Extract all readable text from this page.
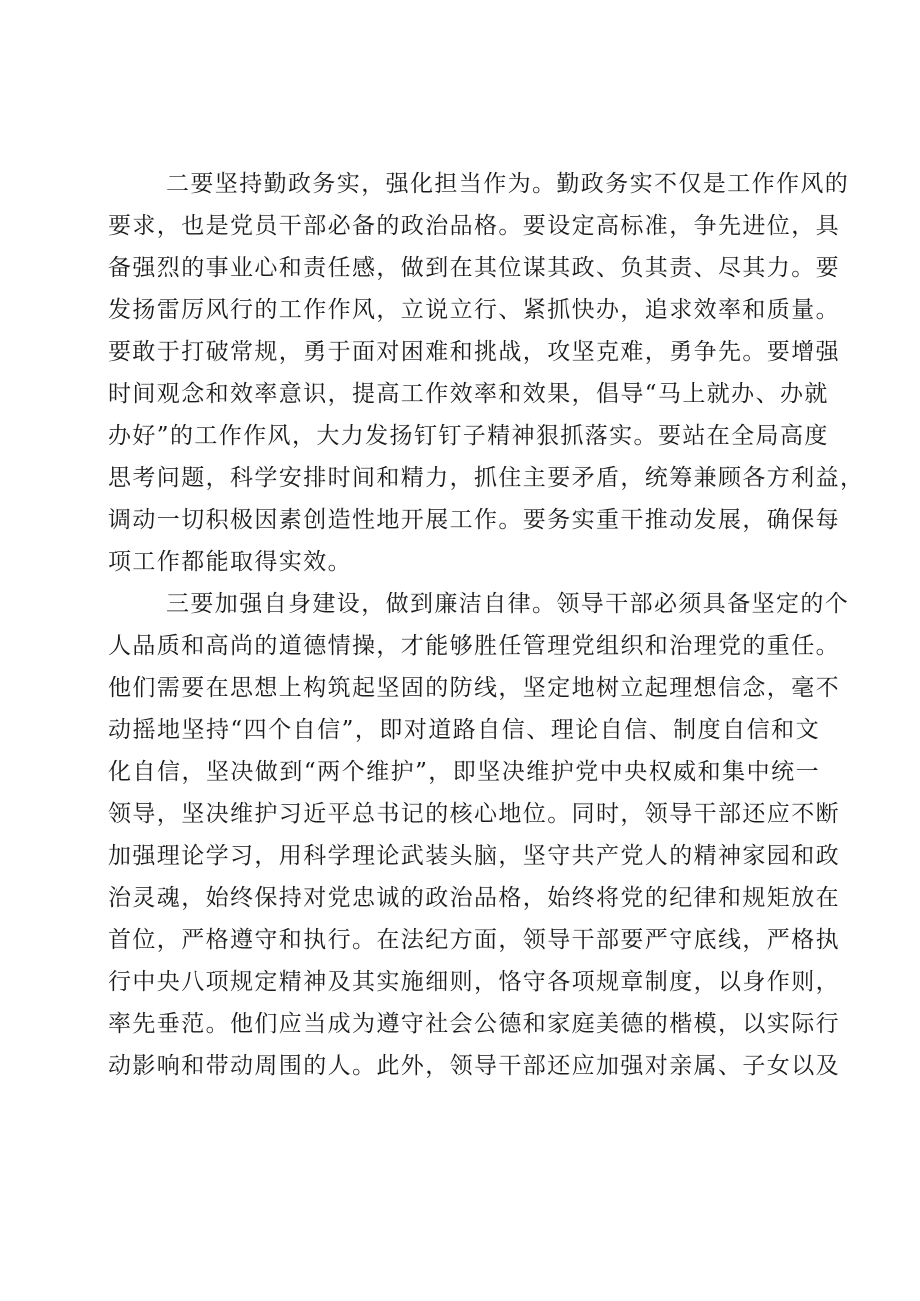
二要坚持勤政务实，强化担当作为。勤政务实不仅是工作作风的
要求，也是党员干部必备的政治品格。要设定高标准，争先进位，具
备强烈的事业心和责任感，做到在其位谋其政、负其责、尽其力。要
发扬雷厉风行的工作作风，立说立行、紧抓快办，追求效率和质量。
要敢于打破常规，勇于面对困难和挑战，攻坚克难，勇争先。要增强
时间观念和效率意识，提高工作效率和效果，倡导“马上就办、办就
办好”的工作作风，大力发扬钉钉子精神狠抓落实。要站在全局高度
思考问题，科学安排时间和精力，抓住主要矛盾，统筹兼顾各方利益，
调动一切积极因素创造性地开展工作。要务实重干推动发展，确保每
项工作都能取得实效。
三要加强自身建设，做到廉洁自律。领导干部必须具备坚定的个
人品质和高尚的道德情操，才能够胜任管理党组织和治理党的重任。
他们需要在思想上构筑起坚固的防线，坚定地树立起理想信念，毫不
动摇地坚持“四个自信”，即对道路自信、理论自信、制度自信和文
化自信，坚决做到“两个维护”，即坚决维护党中央权威和集中统一
领导，坚决维护习近平总书记的核心地位。同时，领导干部还应不断
加强理论学习，用科学理论武装头脑，坚守共产党人的精神家园和政
治灵魂，始终保持对党忠诚的政治品格，始终将党的纪律和规矩放在
首位，严格遵守和执行。在法纪方面，领导干部要严守底线，严格执
行中央八项规定精神及其实施细则，恪守各项规章制度，以身作则，
率先垂范。他们应当成为遵守社会公德和家庭美德的楷模，以实际行
动影响和带动周围的人。此外，领导干部还应加强对亲属、子女以及
